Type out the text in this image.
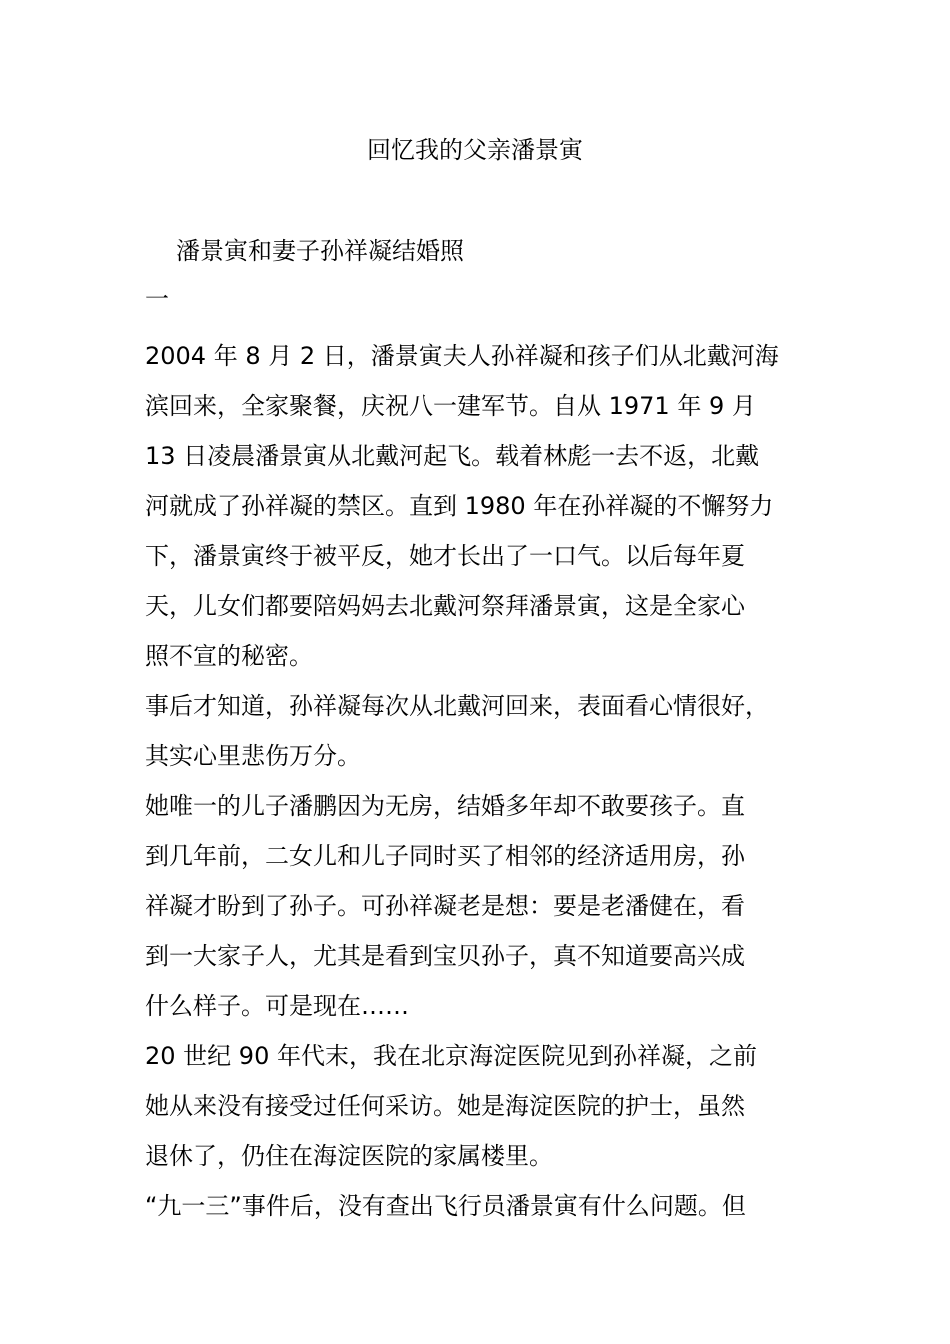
回忆我的父亲潘景寅

潘景寅和妻子孙祥凝结婚照

一

2004 年 8 月 2 日，潘景寅夫人孙祥凝和孩子们从北戴河海
滨回来，全家聚餐，庆祝八一建军节。自从 1971 年 9 月
13 日凌晨潘景寅从北戴河起飞。载着林彪一去不返，北戴
河就成了孙祥凝的禁区。直到 1980 年在孙祥凝的不懈努力
下，潘景寅终于被平反，她才长出了一口气。以后每年夏
天，儿女们都要陪妈妈去北戴河祭拜潘景寅，这是全家心
照不宣的秘密。
事后才知道，孙祥凝每次从北戴河回来，表面看心情很好，
其实心里悲伤万分。
她唯一的儿子潘鹏因为无房，结婚多年却不敢要孩子。直
到几年前，二女儿和儿子同时买了相邻的经济适用房，孙
祥凝才盼到了孙子。可孙祥凝老是想：要是老潘健在，看
到一大家子人，尤其是看到宝贝孙子，真不知道要高兴成
什么样子。可是现在……
20 世纪 90 年代末，我在北京海淀医院见到孙祥凝，之前
她从来没有接受过任何采访。她是海淀医院的护士，虽然
退休了，仍住在海淀医院的家属楼里。
“九一三”事件后，没有查出飞行员潘景寅有什么问题。但
